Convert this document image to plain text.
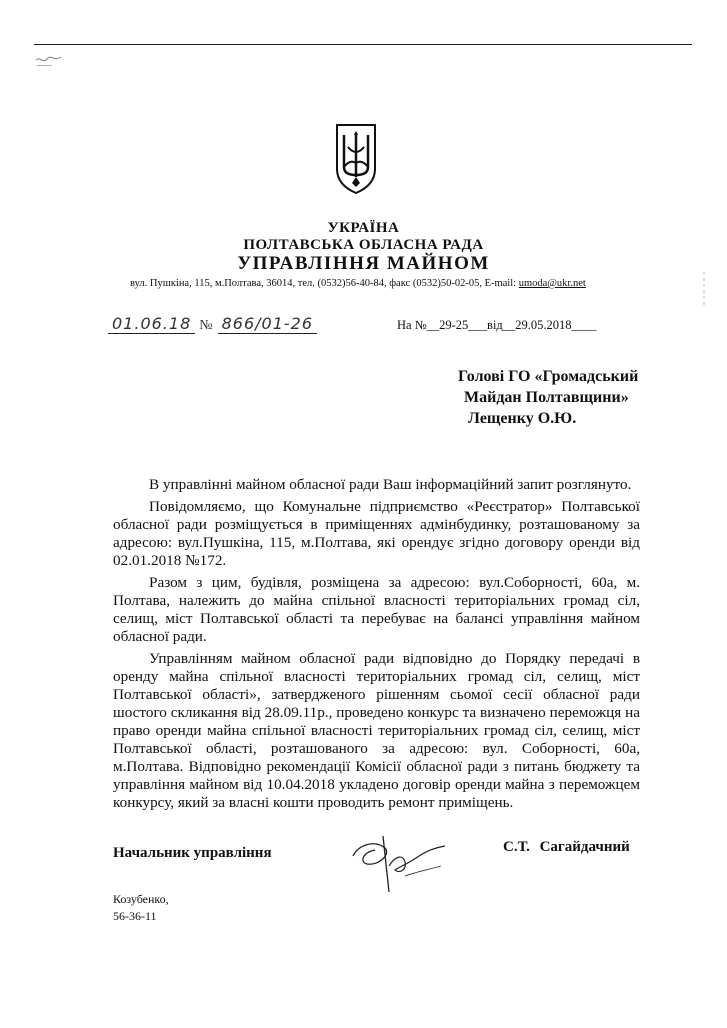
УКРАЇНА
ПОЛТАВСЬКА ОБЛАСНА РАДА
УПРАВЛІННЯ МАЙНОМ
вул. Пушкіна, 115, м.Полтава, 36014, тел. (0532)56-40-84, факс (0532)50-02-05, E-mail: umoda@ukr.net
01.06.18 № 866/01-26	На №__29-25___від__29.05.2018____
Голові ГО «Громадський
Майдан Полтавщини»
Лещенку О.Ю.

В управлінні майном обласної ради Ваш інформаційний запит розглянуто.

Повідомляємо, що Комунальне підприємство «Реєстратор» Полтавської обласної ради розміщується в приміщеннях адмінбудинку, розташованому за адресою: вул.Пушкіна, 115, м.Полтава, які орендує згідно договору оренди від 02.01.2018 №172.

Разом з цим, будівля, розміщена за адресою: вул.Соборності, 60а, м. Полтава, належить до майна спільної власності територіальних громад сіл, селищ, міст Полтавської області та перебуває на балансі управління майном обласної ради.

Управлінням майном обласної ради відповідно до Порядку передачі в оренду майна спільної власності територіальних громад сіл, селищ, міст Полтавської області», затвердженого рішенням сьомої сесії обласної ради шостого скликання від 28.09.11р., проведено конкурс та визначено переможця на право оренди майна спільної власності територіальних громад сіл, селищ, міст Полтавської області, розташованого за адресою: вул. Соборності, 60а, м.Полтава. Відповідно рекомендації Комісії обласної ради з питань бюджету та управління майном від 10.04.2018 укладено договір оренди майна з переможцем конкурсу, який за власні кошти проводить ремонт приміщень.

Начальник управління	С.Т. Сагайдачний
Козубенко,
56-36-11
